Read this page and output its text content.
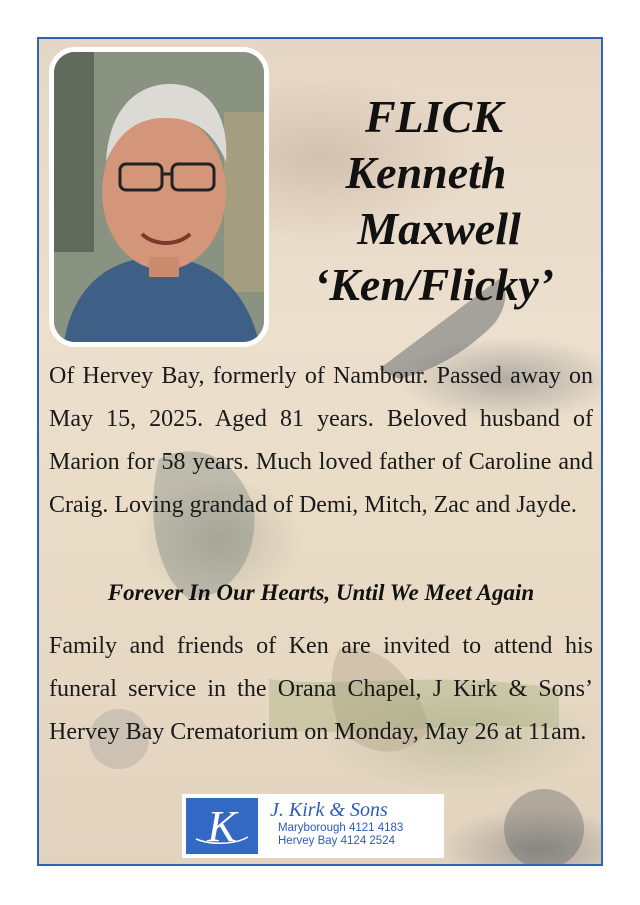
FLICK
Kenneth
Maxwell
‘Ken/Flicky’
Of Hervey Bay, formerly of Nambour. Passed away on May 15, 2025. Aged 81 years. Beloved husband of Marion for 58 years. Much loved father of Caroline and Craig. Loving grandad of Demi, Mitch, Zac and Jayde.
Forever In Our Hearts, Until We Meet Again
Family and friends of Ken are invited to attend his funeral service in the Orana Chapel, J Kirk & Sons’ Hervey Bay Crematorium on Monday, May 26 at 11am.
K J. Kirk & Sons
Maryborough 4121 4183
Hervey Bay 4124 2524
